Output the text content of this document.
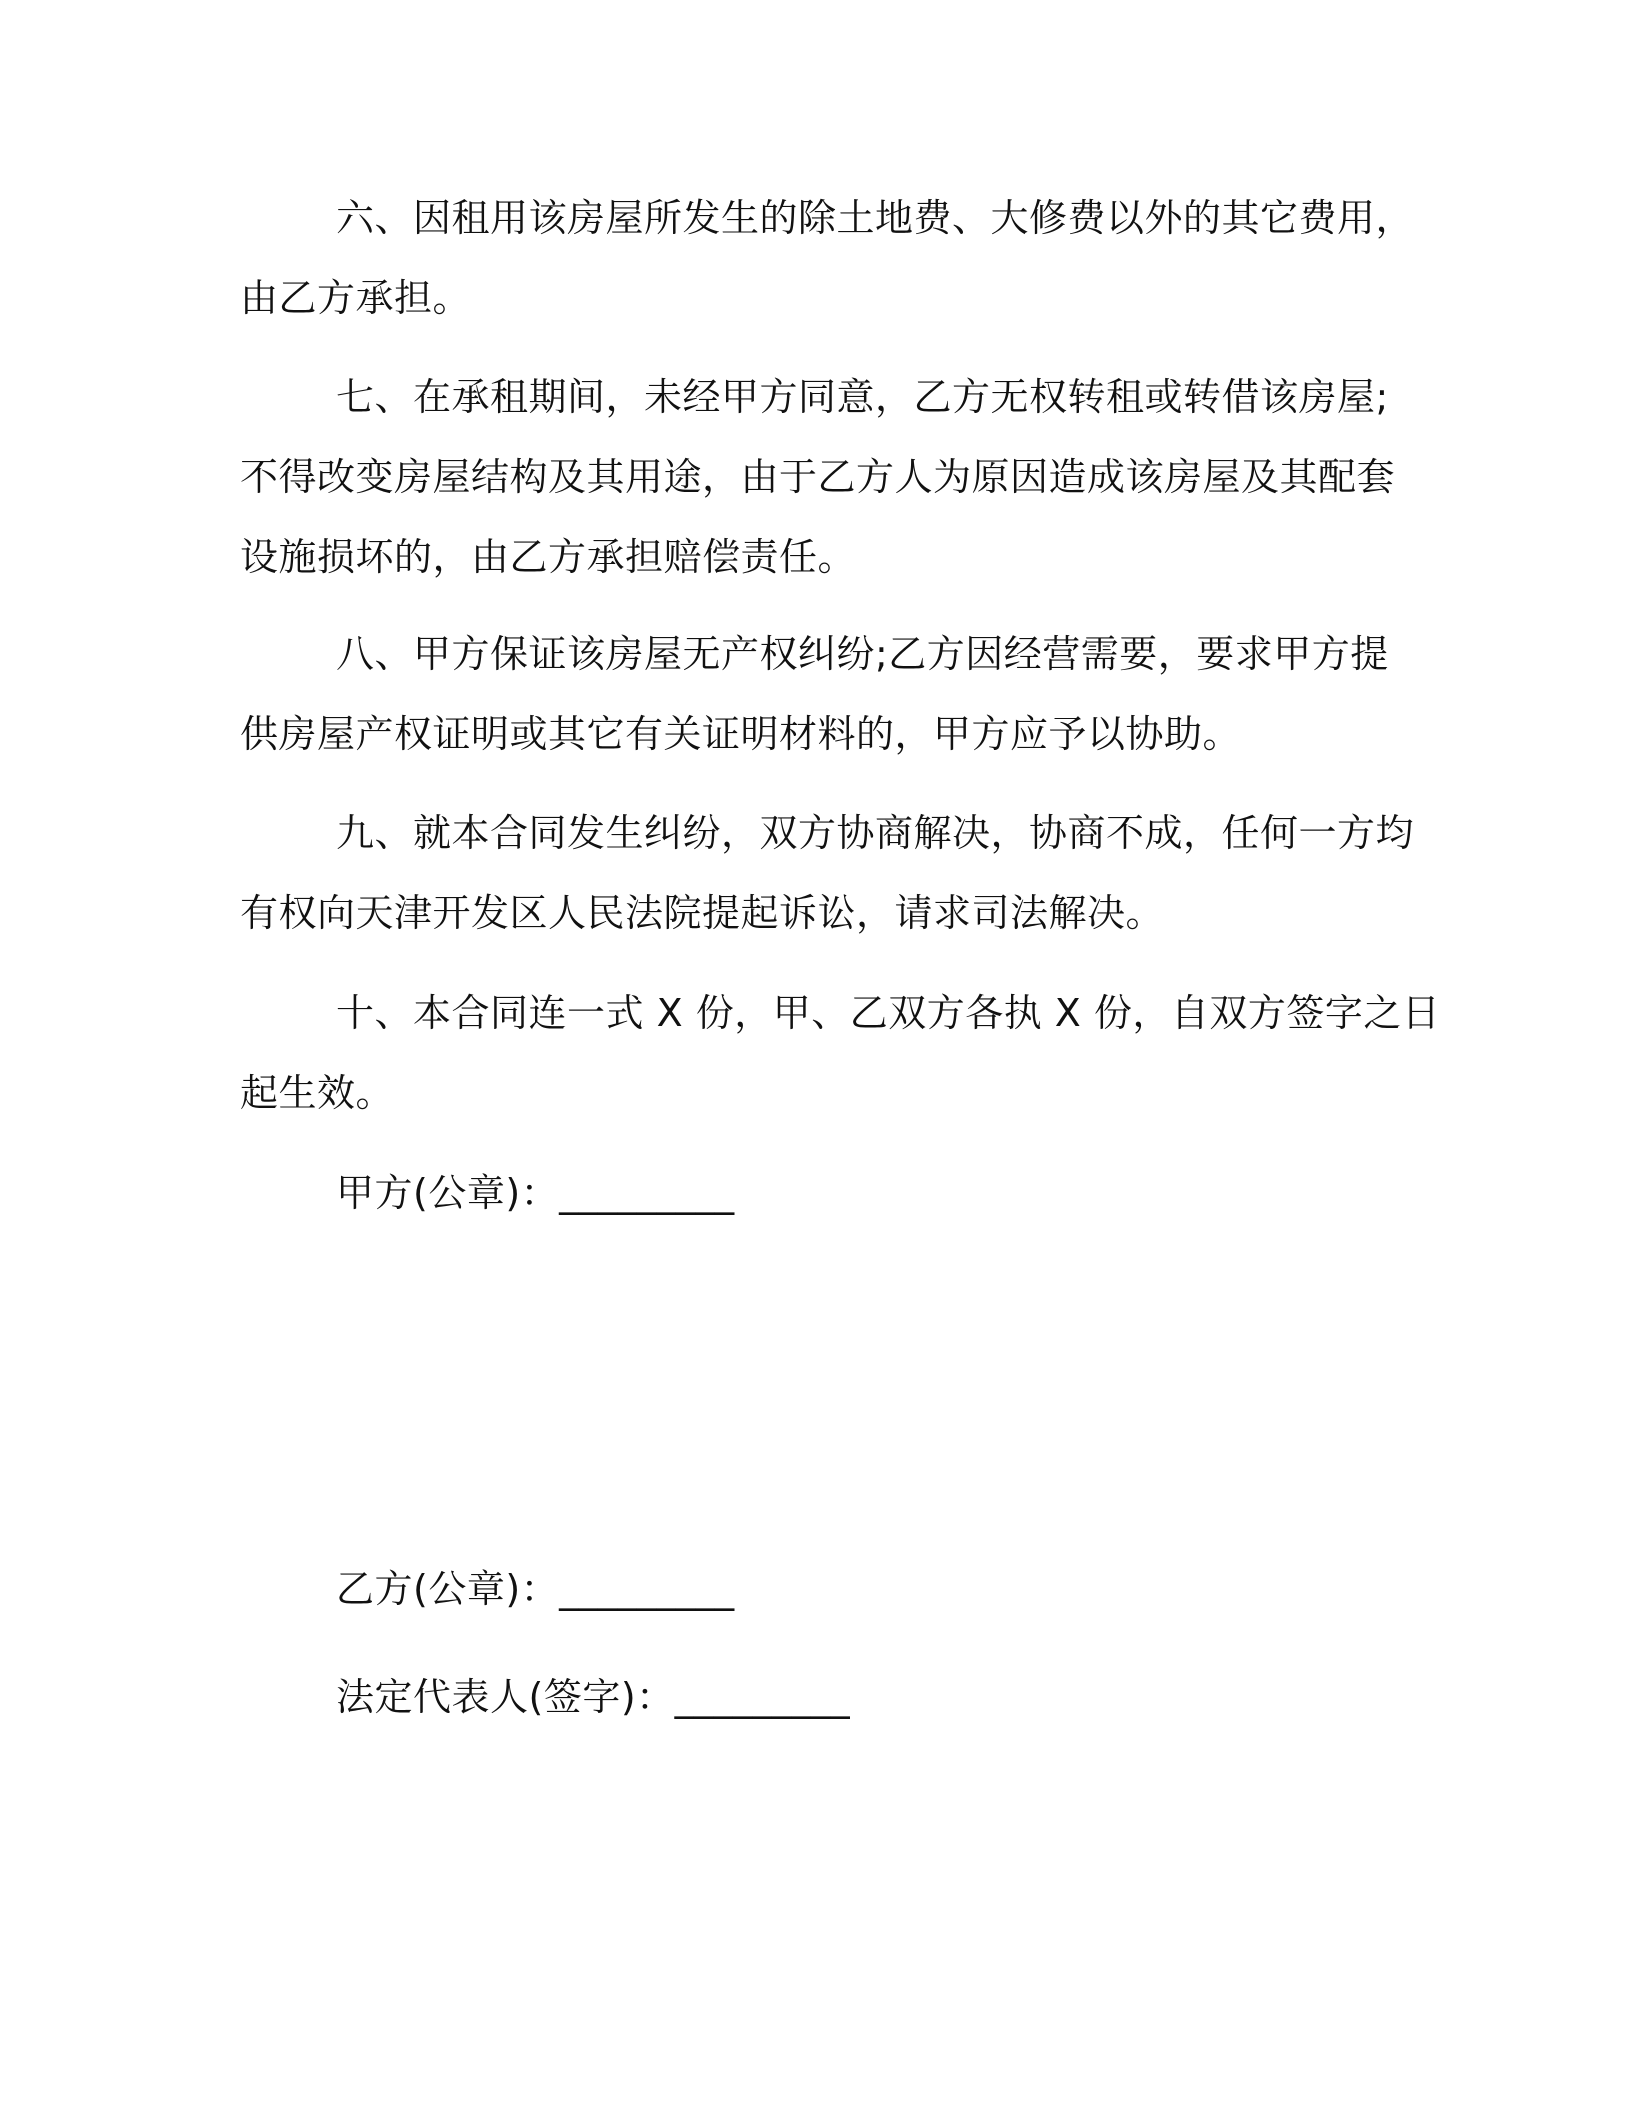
六、因租用该房屋所发生的除土地费、大修费以外的其它费用，
由乙方承担。
七、在承租期间，未经甲方同意，乙方无权转租或转借该房屋;
不得改变房屋结构及其用途，由于乙方人为原因造成该房屋及其配套
设施损坏的，由乙方承担赔偿责任。
八、甲方保证该房屋无产权纠纷;乙方因经营需要，要求甲方提
供房屋产权证明或其它有关证明材料的，甲方应予以协助。
九、就本合同发生纠纷，双方协商解决，协商不成，任何一方均
有权向天津开发区人民法院提起诉讼，请求司法解决。
十、本合同连一式 X 份，甲、乙双方各执 X 份，自双方签字之日
起生效。
甲方(公章)：_________
乙方(公章)：_________
法定代表人(签字)：_________
